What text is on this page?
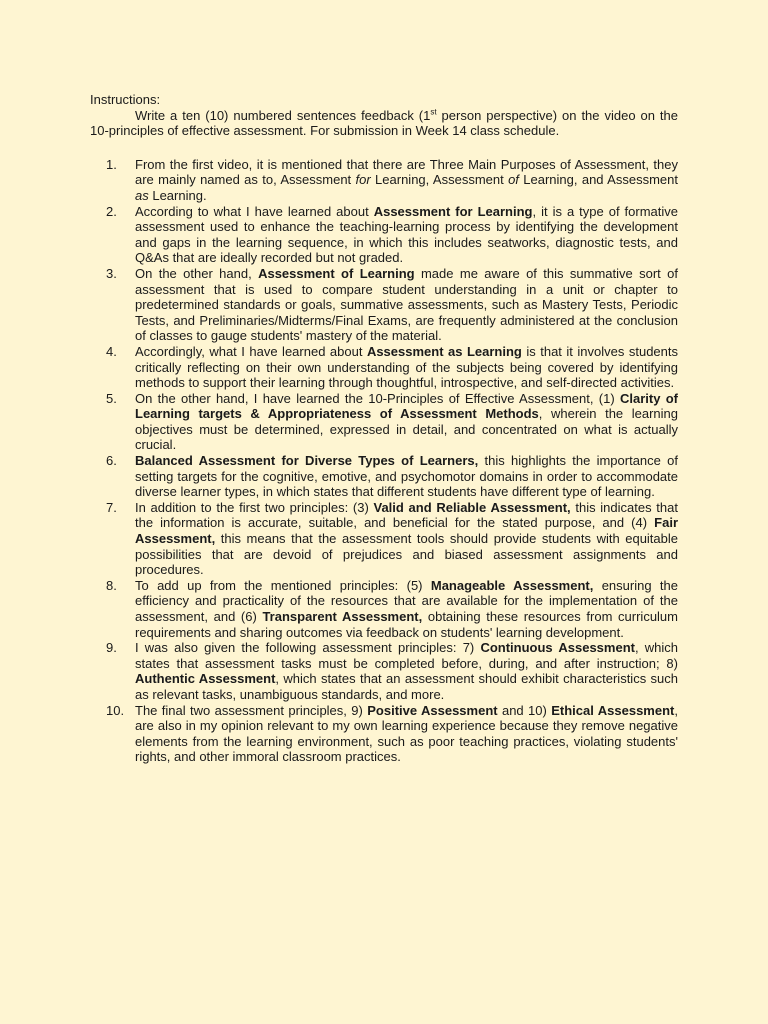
Instructions:

Write a ten (10) numbered sentences feedback (1st person perspective) on the video on the 10-principles of effective assessment. For submission in Week 14 class schedule.

1.	From the first video, it is mentioned that there are Three Main Purposes of Assessment, they are mainly named as to, Assessment for Learning, Assessment of Learning, and Assessment as Learning.
2.	According to what I have learned about Assessment for Learning, it is a type of formative assessment used to enhance the teaching-learning process by identifying the development and gaps in the learning sequence, in which this includes seatworks, diagnostic tests, and Q&As that are ideally recorded but not graded.
3.	On the other hand, Assessment of Learning made me aware of this summative sort of assessment that is used to compare student understanding in a unit or chapter to predetermined standards or goals, summative assessments, such as Mastery Tests, Periodic Tests, and Preliminaries/Midterms/Final Exams, are frequently administered at the conclusion of classes to gauge students' mastery of the material.
4.	Accordingly, what I have learned about Assessment as Learning is that it involves students critically reflecting on their own understanding of the subjects being covered by identifying methods to support their learning through thoughtful, introspective, and self-directed activities.
5.	On the other hand, I have learned the 10-Principles of Effective Assessment, (1) Clarity of Learning targets & Appropriateness of Assessment Methods, wherein the learning objectives must be determined, expressed in detail, and concentrated on what is actually crucial.
6.	Balanced Assessment for Diverse Types of Learners, this highlights the importance of setting targets for the cognitive, emotive, and psychomotor domains in order to accommodate diverse learner types, in which states that different students have different type of learning.
7.	In addition to the first two principles: (3) Valid and Reliable Assessment, this indicates that the information is accurate, suitable, and beneficial for the stated purpose, and (4) Fair Assessment, this means that the assessment tools should provide students with equitable possibilities that are devoid of prejudices and biased assessment assignments and procedures.
8.	To add up from the mentioned principles: (5) Manageable Assessment, ensuring the efficiency and practicality of the resources that are available for the implementation of the assessment, and (6) Transparent Assessment, obtaining these resources from curriculum requirements and sharing outcomes via feedback on students' learning development.
9.	I was also given the following assessment principles: 7) Continuous Assessment, which states that assessment tasks must be completed before, during, and after instruction; 8) Authentic Assessment, which states that an assessment should exhibit characteristics such as relevant tasks, unambiguous standards, and more.
10. The final two assessment principles, 9) Positive Assessment and 10) Ethical Assessment, are also in my opinion relevant to my own learning experience because they remove negative elements from the learning environment, such as poor teaching practices, violating students' rights, and other immoral classroom practices.
